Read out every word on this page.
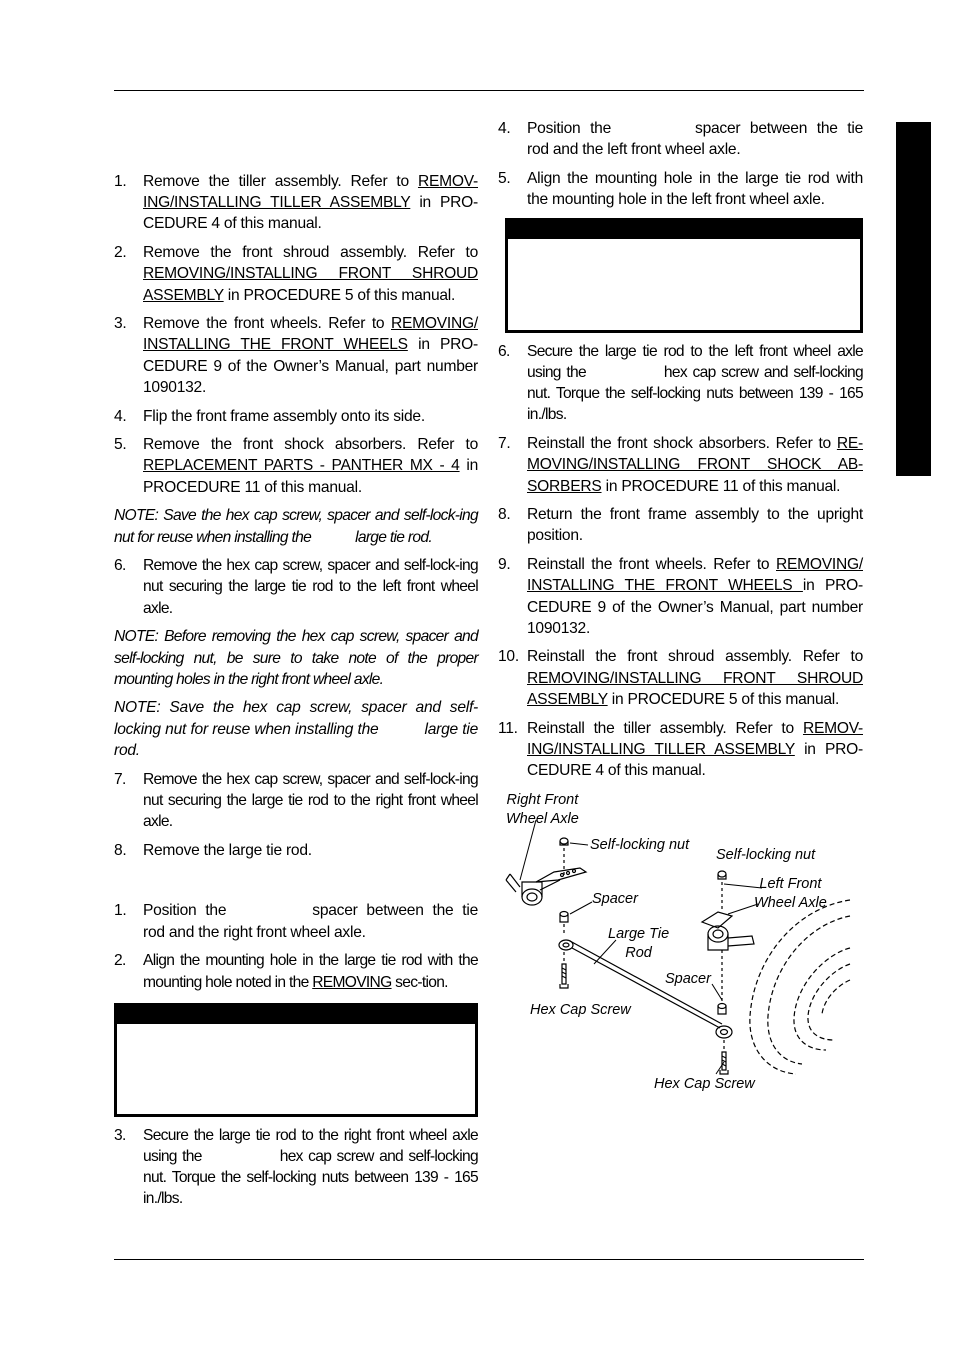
1. Remove the tiller assembly. Refer to REMOV-ING/INSTALLING TILLER ASSEMBLY in PRO-CEDURE 4 of this manual.
2. Remove the front shroud assembly. Refer to REMOVING/INSTALLING FRONT SHROUD ASSEMBLY in PROCEDURE 5 of this manual.
3. Remove the front wheels. Refer to REMOVING/ INSTALLING THE FRONT WHEELS in PRO-CEDURE 9 of the Owner’s Manual, part number 1090132.
4. Flip the front frame assembly onto its side.
5. Remove the front shock absorbers. Refer to REPLACEMENT PARTS - PANTHER MX - 4 in PROCEDURE 11 of this manual.

NOTE: Save the hex cap screw, spacer and self-lock-ing nut for reuse when installing the	large tie rod.

6. Remove the hex cap screw, spacer and self-lock-ing nut securing the large tie rod to the left front wheel axle.

NOTE: Before removing the hex cap screw, spacer and self-locking nut, be sure to take note of the proper mounting holes in the right front wheel axle.

NOTE: Save the hex cap screw, spacer and self-locking nut for reuse when installing the	large tie rod.

7. Remove the hex cap screw, spacer and self-lock-ing nut securing the large tie rod to the right front wheel axle.
8. Remove the large tie rod.
1. Position the	spacer between the tie rod and the right front wheel axle.
2. Align the mounting hole in the large tie rod with the mounting hole noted in the REMOVING sec-tion.
3. Secure the large tie rod to the right front wheel axle using the	hex cap screw and self-locking nut. Torque the self-locking nuts between 139 - 165 in./lbs.
4. Position the	spacer between the tie rod and the left front wheel axle.
5. Align the mounting hole in the large tie rod with the mounting hole in the left front wheel axle.
6. Secure the large tie rod to the left front wheel axle using the	hex cap screw and self-locking nut. Torque the self-locking nuts between 139 - 165 in./lbs.
7. Reinstall the front shock absorbers. Refer to RE-MOVING/INSTALLING FRONT SHOCK AB-SORBERS in PROCEDURE 11 of this manual.
8. Return the front frame assembly to the upright position.
9. Reinstall the front wheels. Refer to REMOVING/ INSTALLING THE FRONT WHEELS in PRO-CEDURE 9 of the Owner’s Manual, part number 1090132.
10. Reinstall the front shroud assembly. Refer to REMOVING/INSTALLING FRONT SHROUD ASSEMBLY in PROCEDURE 5 of this manual.
11. Reinstall the tiller assembly. Refer to REMOV-ING/INSTALLING TILLER ASSEMBLY in PRO-CEDURE 4 of this manual.
Right Front
Wheel Axle
Self-locking nut
Self-locking nut
Left Front
Wheel Axle
Spacer
Large Tie
Rod
Spacer
Hex Cap Screw
Hex Cap Screw
